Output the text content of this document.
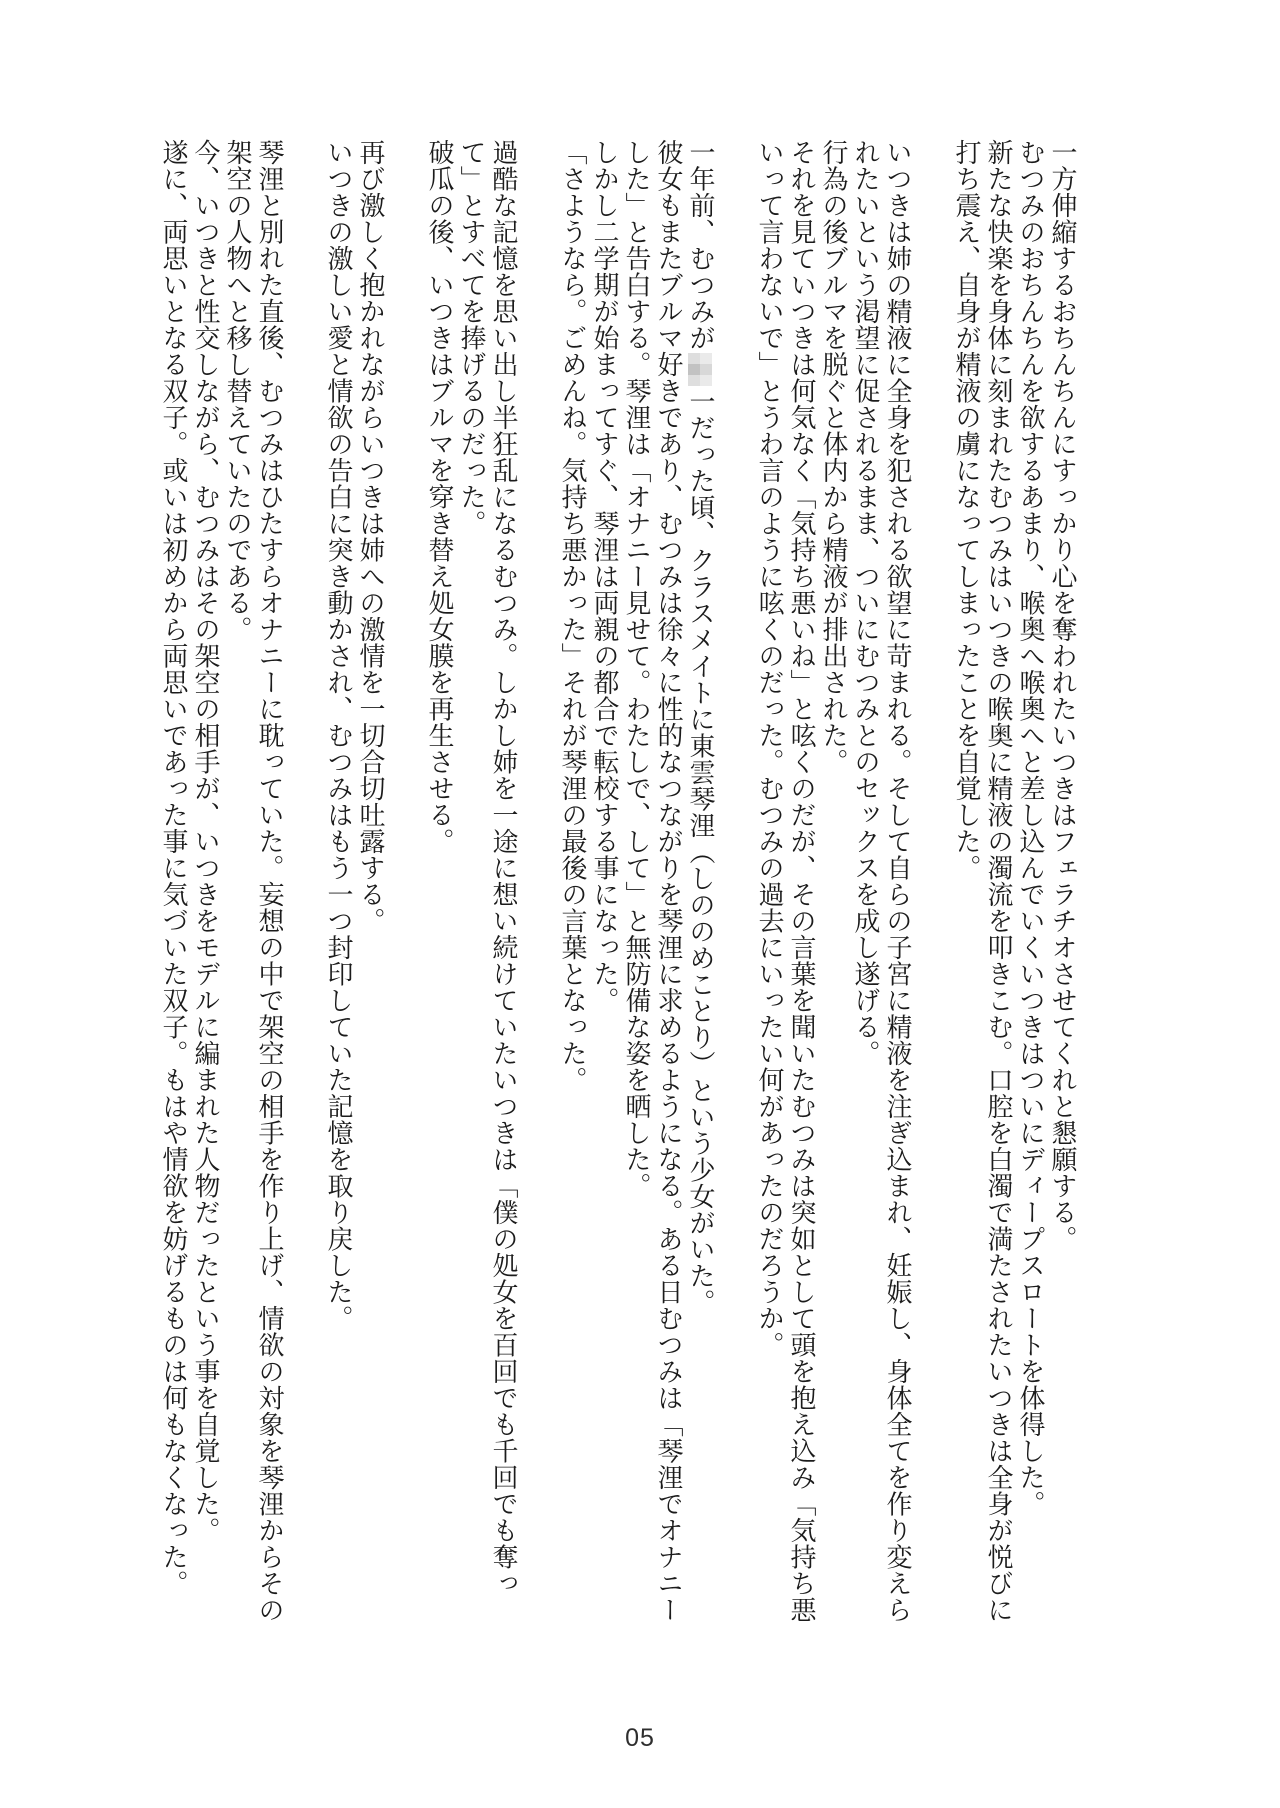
一方伸縮するおちんちんにすっかり心を奪われたいつきはフェラチオさせてくれと懇願する。
むつみのおちんちんを欲するあまり、喉奥へ喉奥へと差し込んでいくいつきはついにディープスロートを体得した。
新たな快楽を身体に刻まれたむつみはいつきの喉奥に精液の濁流を叩きこむ。口腔を白濁で満たされたいつきは全身が悦びに
打ち震え、自身が精液の虜になってしまったことを自覚した。
いつきは姉の精液に全身を犯される欲望に苛まれる。そして自らの子宮に精液を注ぎ込まれ、妊娠し、身体全てを作り変えら
れたいという渇望に促されるまま、ついにむつみとのセックスを成し遂げる。
行為の後ブルマを脱ぐと体内から精液が排出された。
それを見ていつきは何気なく「気持ち悪いね」と呟くのだが、その言葉を聞いたむつみは突如として頭を抱え込み「気持ち悪
いって言わないで」とうわ言のように呟くのだった。むつみの過去にいったい何があったのだろうか。
一年前、むつみが一だった頃、クラスメイトに東雲琴浬（しののめことり）という少女がいた。
彼女もまたブルマ好きであり、むつみは徐々に性的なつながりを琴浬に求めるようになる。ある日むつみは「琴浬でオナニー
した」と告白する。琴浬は「オナニー見せて。わたしで、して」と無防備な姿を晒した。
しかし二学期が始まってすぐ、琴浬は両親の都合で転校する事になった。
「さようなら。ごめんね。気持ち悪かった」それが琴浬の最後の言葉となった。
過酷な記憶を思い出し半狂乱になるむつみ。しかし姉を一途に想い続けていたいつきは「僕の処女を百回でも千回でも奪っ
て」とすべてを捧げるのだった。
破瓜の後、いつきはブルマを穿き替え処女膜を再生させる。
再び激しく抱かれながらいつきは姉への激情を一切合切吐露する。
いつきの激しい愛と情欲の告白に突き動かされ、むつみはもう一つ封印していた記憶を取り戻した。
琴浬と別れた直後、むつみはひたすらオナニーに耽っていた。妄想の中で架空の相手を作り上げ、情欲の対象を琴浬からその
架空の人物へと移し替えていたのである。
今、いつきと性交しながら、むつみはその架空の相手が、いつきをモデルに編まれた人物だったという事を自覚した。
遂に、両思いとなる双子。或いは初めから両思いであった事に気づいた双子。もはや情欲を妨げるものは何もなくなった。
05
